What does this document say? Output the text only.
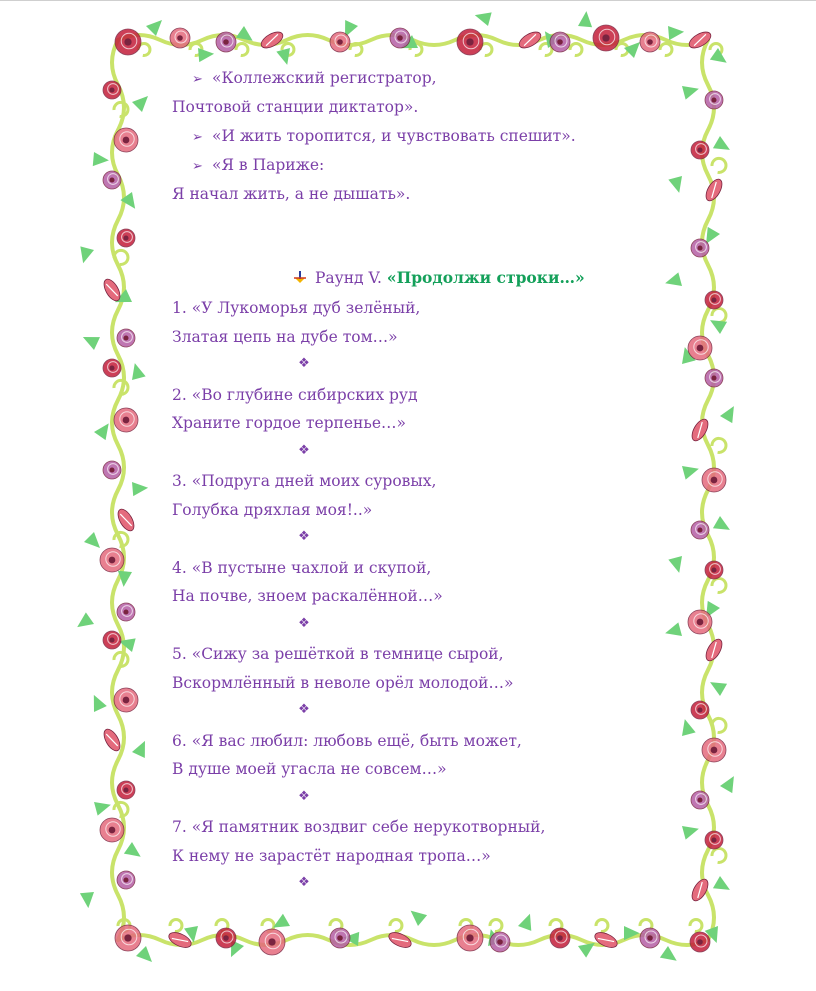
➢ «Коллежский регистратор,
Почтовой станции диктатор».
➢ «И жить торопится, и чувствовать спешит».
➢ «Я в Париже:
Я начал жить, а не дышать».
Раунд V. «Продолжи строки…»
1. «У Лукоморья дуб зелёный,
Златая цепь на дубе том…»
❖
2. «Во глубине сибирских руд
Храните гордое терпенье…»
❖
3. «Подруга дней моих суровых,
Голубка дряхлая моя!..»
❖
4. «В пустыне чахлой и скупой,
На почве, зноем раскалённой…»
❖
5. «Сижу за решёткой в темнице сырой,
Вскормлённый в неволе орёл молодой…»
❖
6. «Я вас любил: любовь ещё, быть может,
В душе моей угасла не совсем…»
❖
7. «Я памятник воздвиг себе нерукотворный,
К нему не зарастёт народная тропа…»
❖
